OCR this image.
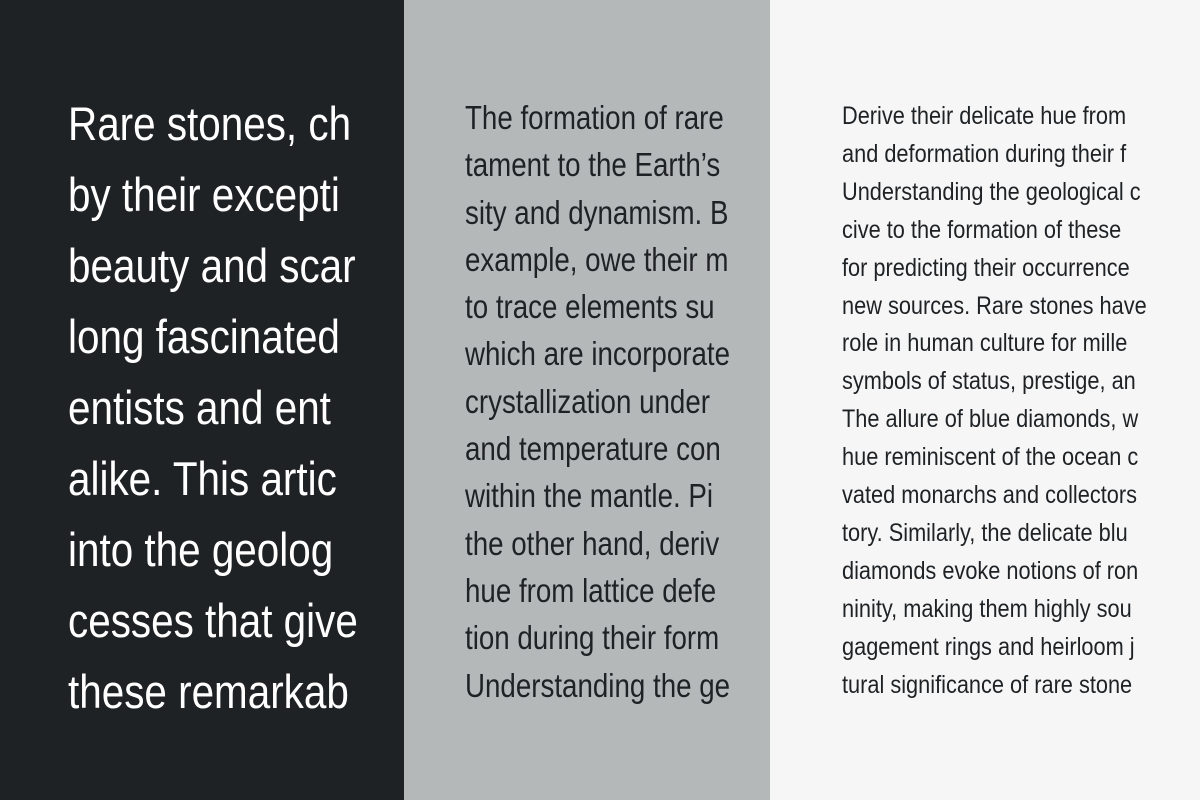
Rare stones, ch
by their excepti
beauty and scar
long fascinated
entists and ent
alike. This artic
into the geolog
cesses that give
these remarkab
The formation of rare
tament to the Earth’s
sity and dynamism. B
example, owe their m
to trace elements su
which are incorporate
crystallization under
and temperature con
within the mantle. Pi
the other hand, deriv
hue from lattice defe
tion during their form
Understanding the ge
Derive their delicate hue from
and deformation during their f
Understanding the geological c
cive to the formation of these
for predicting their occurrence
new sources. Rare stones have
role in human culture for mille
symbols of status, prestige, an
The allure of blue diamonds, w
hue reminiscent of the ocean c
vated monarchs and collectors
tory. Similarly, the delicate blu
diamonds evoke notions of ron
ninity, making them highly sou
gagement rings and heirloom j
tural significance of rare stone
